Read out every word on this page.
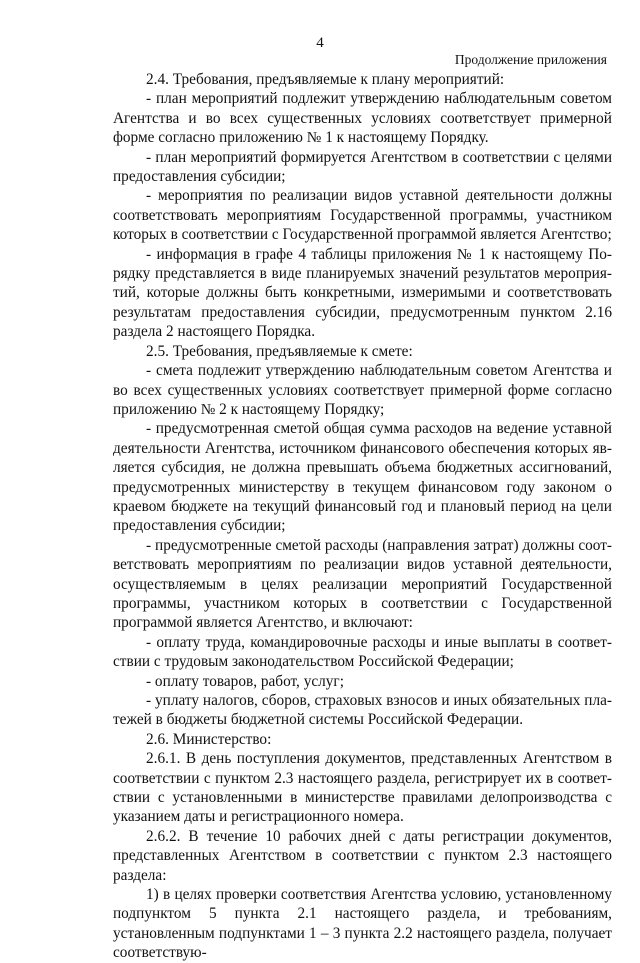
4
Продолжение приложения

2.4. Требования, предъявляемые к плану мероприятий:

- план мероприятий подлежит утверждению наблюдательным советом Агентства и во всех существенных условиях соответствует примерной форме согласно приложению № 1 к настоящему Порядку.

- план мероприятий формируется Агентством в соответствии с целями предоставления субсидии;

- мероприятия по реализации видов уставной деятельности должны соответствовать мероприятиям Государственной программы, участником которых в соответствии с Государственной программой является Агентство;

- информация в графе 4 таблицы приложения № 1 к настоящему Порядку представляется в виде планируемых значений результатов мероприятий, которые должны быть конкретными, измеримыми и соответствовать результатам предоставления субсидии, предусмотренным пунктом 2.16 раздела 2 настоящего Порядка.

2.5. Требования, предъявляемые к смете:

- смета подлежит утверждению наблюдательным советом Агентства и во всех существенных условиях соответствует примерной форме согласно приложению № 2 к настоящему Порядку;

- предусмотренная сметой общая сумма расходов на ведение уставной деятельности Агентства, источником финансового обеспечения которых является субсидия, не должна превышать объема бюджетных ассигнований, предусмотренных министерству в текущем финансовом году законом о краевом бюджете на текущий финансовый год и плановый период на цели предоставления субсидии;

- предусмотренные сметой расходы (направления затрат) должны соответствовать мероприятиям по реализации видов уставной деятельности, осуществляемым в целях реализации мероприятий Государственной программы, участником которых в соответствии с Государственной программой является Агентство, и включают:

- оплату труда, командировочные расходы и иные выплаты в соответствии с трудовым законодательством Российской Федерации;

- оплату товаров, работ, услуг;

- уплату налогов, сборов, страховых взносов и иных обязательных платежей в бюджеты бюджетной системы Российской Федерации.

2.6. Министерство:

2.6.1. В день поступления документов, представленных Агентством в соответствии с пунктом 2.3 настоящего раздела, регистрирует их в соответствии с установленными в министерстве правилами делопроизводства с указанием даты и регистрационного номера.

2.6.2. В течение 10 рабочих дней с даты регистрации документов, представленных Агентством в соответствии с пунктом 2.3 настоящего раздела:

1) в целях проверки соответствия Агентства условию, установленному подпунктом 5 пункта 2.1 настоящего раздела, и требованиям, установленным подпунктами 1 – 3 пункта 2.2 настоящего раздела, получает соответствую-
